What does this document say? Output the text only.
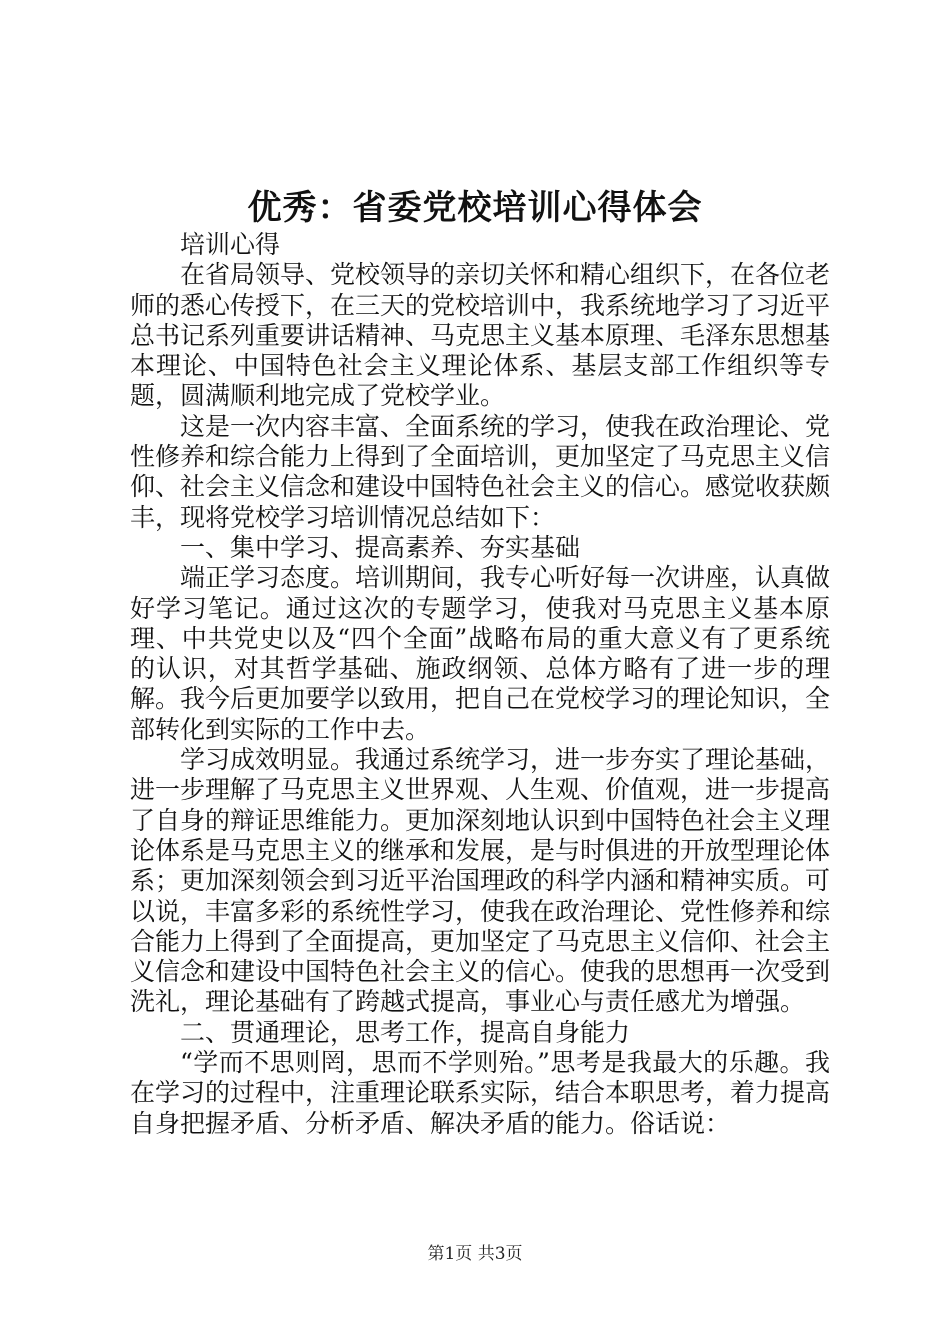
优秀：省委党校培训心得体会

培训心得

在省局领导、党校领导的亲切关怀和精心组织下，在各位老师的悉心传授下，在三天的党校培训中，我系统地学习了习近平总书记系列重要讲话精神、马克思主义基本原理、毛泽东思想基本理论、中国特色社会主义理论体系、基层支部工作组织等专题，圆满顺利地完成了党校学业。

这是一次内容丰富、全面系统的学习，使我在政治理论、党性修养和综合能力上得到了全面培训，更加坚定了马克思主义信仰、社会主义信念和建设中国特色社会主义的信心。感觉收获颇丰，现将党校学习培训情况总结如下：

一、集中学习、提高素养、夯实基础

端正学习态度。培训期间，我专心听好每一次讲座，认真做好学习笔记。通过这次的专题学习，使我对马克思主义基本原理、中共党史以及“四个全面”战略布局的重大意义有了更系统的认识，对其哲学基础、施政纲领、总体方略有了进一步的理解。我今后更加要学以致用，把自己在党校学习的理论知识，全部转化到实际的工作中去。

学习成效明显。我通过系统学习，进一步夯实了理论基础，进一步理解了马克思主义世界观、人生观、价值观，进一步提高了自身的辩证思维能力。更加深刻地认识到中国特色社会主义理论体系是马克思主义的继承和发展，是与时俱进的开放型理论体系；更加深刻领会到习近平治国理政的科学内涵和精神实质。可以说，丰富多彩的系统性学习，使我在政治理论、党性修养和综合能力上得到了全面提高，更加坚定了马克思主义信仰、社会主义信念和建设中国特色社会主义的信心。使我的思想再一次受到洗礼，理论基础有了跨越式提高，事业心与责任感尤为增强。

二、贯通理论，思考工作，提高自身能力

“学而不思则罔，思而不学则殆。”思考是我最大的乐趣。我在学习的过程中，注重理论联系实际，结合本职思考，着力提高自身把握矛盾、分析矛盾、解决矛盾的能力。俗话说：

第1页 共3页
